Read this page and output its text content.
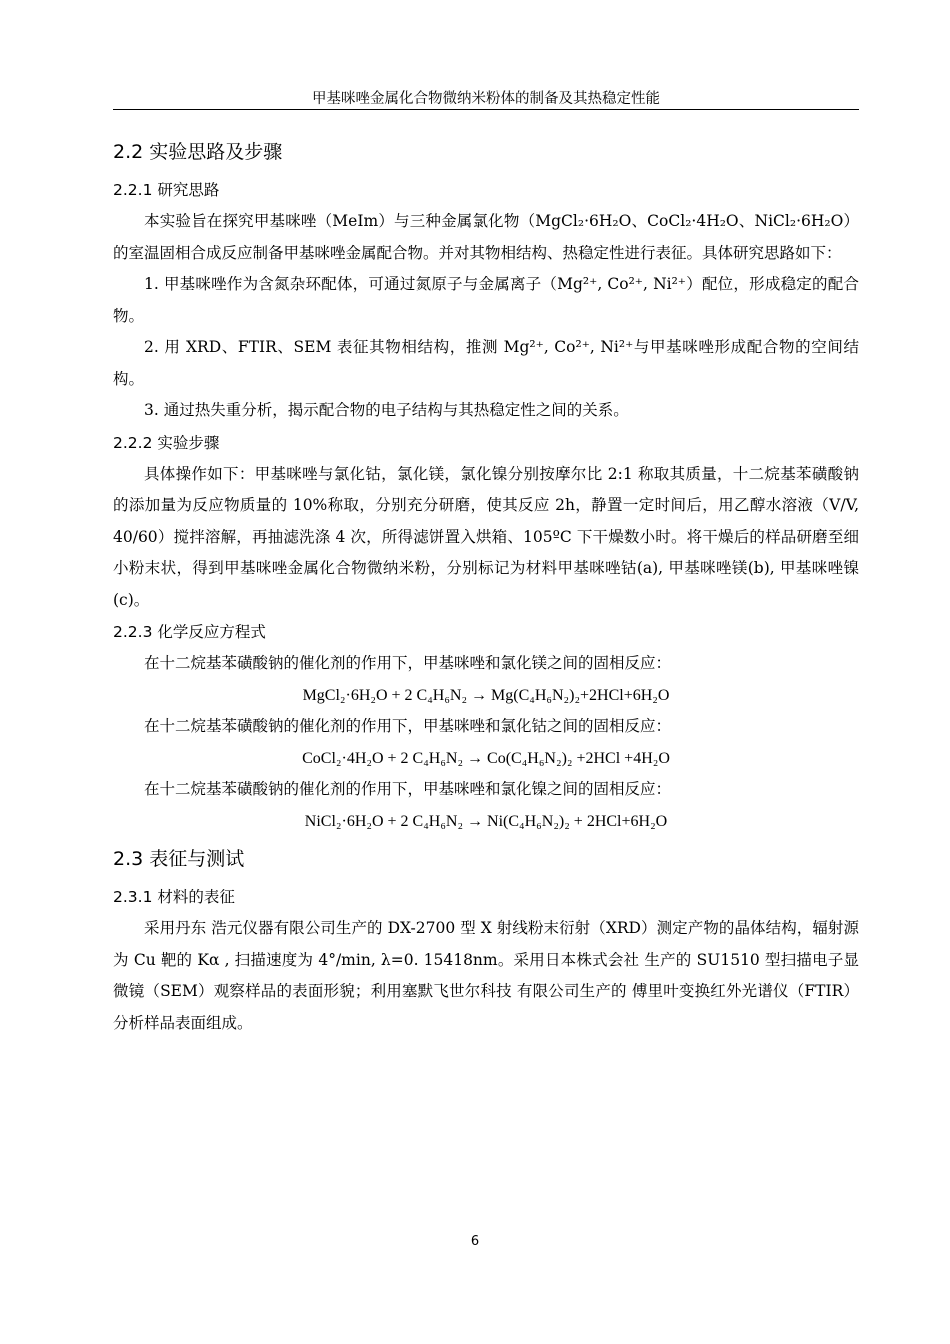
甲基咪唑金属化合物微纳米粉体的制备及其热稳定性能
2.2 实验思路及步骤
2.2.1 研究思路

本实验旨在探究甲基咪唑（MeIm）与三种金属氯化物（MgCl₂·6H₂O、CoCl₂·4H₂O、NiCl₂·6H₂O）的室温固相合成反应制备甲基咪唑金属配合物。并对其物相结构、热稳定性进行表征。具体研究思路如下：

1. 甲基咪唑作为含氮杂环配体，可通过氮原子与金属离子（Mg²⁺, Co²⁺, Ni²⁺）配位，形成稳定的配合物。

2. 用 XRD、FTIR、SEM 表征其物相结构，推测 Mg²⁺, Co²⁺, Ni²⁺与甲基咪唑形成配合物的空间结构。

3. 通过热失重分析，揭示配合物的电子结构与其热稳定性之间的关系。

2.2.2 实验步骤

具体操作如下：甲基咪唑与氯化钴，氯化镁，氯化镍分别按摩尔比 2:1 称取其质量，十二烷基苯磺酸钠的添加量为反应物质量的 10%称取，分别充分研磨，使其反应 2h，静置一定时间后，用乙醇水溶液（V/V, 40/60）搅拌溶解，再抽滤洗涤 4 次，所得滤饼置入烘箱、105ºC 下干燥数小时。将干燥后的样品研磨至细小粉末状，得到甲基咪唑金属化合物微纳米粉，分别标记为材料甲基咪唑钴(a), 甲基咪唑镁(b), 甲基咪唑镍(c)。

2.2.3 化学反应方程式

在十二烷基苯磺酸钠的催化剂的作用下，甲基咪唑和氯化镁之间的固相反应：

MgCl₂·6H₂O + 2 C₄H₆N₂ → Mg(C₄H₆N₂)₂+2HCl+6H₂O

在十二烷基苯磺酸钠的催化剂的作用下，甲基咪唑和氯化钴之间的固相反应：

CoCl₂·4H₂O + 2 C₄H₆N₂ → Co(C₄H₆N₂)₂ +2HCl +4H₂O

在十二烷基苯磺酸钠的催化剂的作用下，甲基咪唑和氯化镍之间的固相反应：

NiCl₂·6H₂O + 2 C₄H₆N₂ → Ni(C₄H₆N₂)₂ + 2HCl+6H₂O

2.3 表征与测试
2.3.1 材料的表征

采用丹东 浩元仪器有限公司生产的 DX-2700 型 X 射线粉末衍射（XRD）测定产物的晶体结构，辐射源为 Cu 靶的 Kα , 扫描速度为 4°/min, λ=0. 15418nm。采用日本株式会社 生产的 SU1510 型扫描电子显微镜（SEM）观察样品的表面形貌；利用塞默飞世尔科技 有限公司生产的 傅里叶变换红外光谱仪（FTIR）分析样品表面组成。

6
